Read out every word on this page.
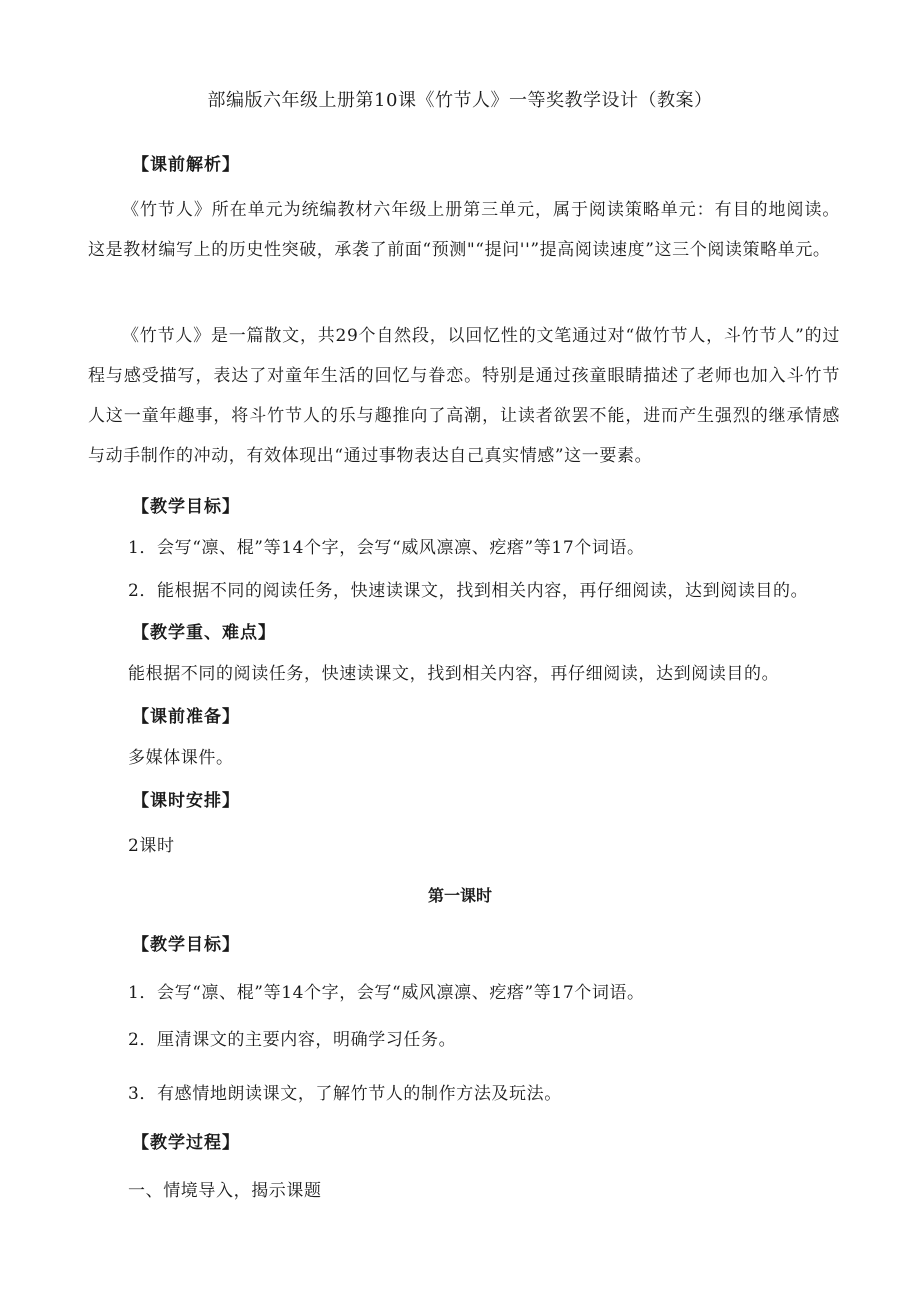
部编版六年级上册第10课《竹节人》一等奖教学设计（教案）
【课前解析】
《竹节人》所在单元为统编教材六年级上册第三单元，属于阅读策略单元：有目的地阅读。这是教材编写上的历史性突破，承袭了前面“预测"“提问''”提高阅读速度”这三个阅读策略单元。
《竹节人》是一篇散文，共29个自然段，以回忆性的文笔通过对“做竹节人，斗竹节人”的过程与感受描写，表达了对童年生活的回忆与眷恋。特别是通过孩童眼睛描述了老师也加入斗竹节人这一童年趣事，将斗竹节人的乐与趣推向了高潮，让读者欲罢不能，进而产生强烈的继承情感与动手制作的冲动，有效体现出“通过事物表达自己真实情感”这一要素。
【教学目标】
1．会写“凛、棍”等14个字，会写“威风凛凛、疙瘩”等17个词语。
2．能根据不同的阅读任务，快速读课文，找到相关内容，再仔细阅读，达到阅读目的。
【教学重、难点】
能根据不同的阅读任务，快速读课文，找到相关内容，再仔细阅读，达到阅读目的。
【课前准备】
多媒体课件。
【课时安排】
2课时
第一课时
【教学目标】
1．会写“凛、棍”等14个字，会写“威风凛凛、疙瘩”等17个词语。
2．厘清课文的主要内容，明确学习任务。
3．有感情地朗读课文，了解竹节人的制作方法及玩法。
【教学过程】
一、情境导入，揭示课题
